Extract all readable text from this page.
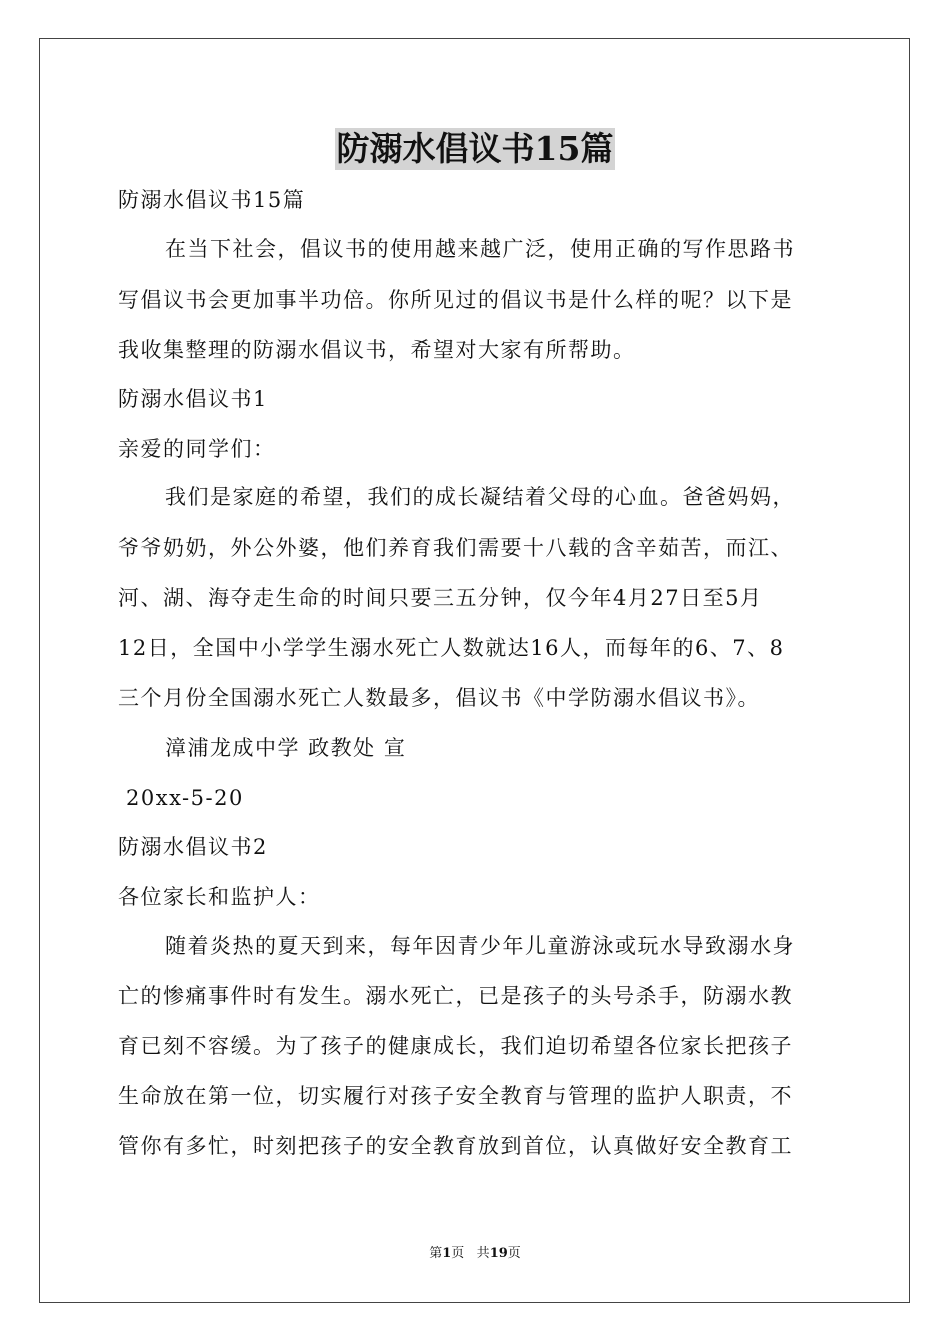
防溺水倡议书15篇
防溺水倡议书15篇
在当下社会，倡议书的使用越来越广泛，使用正确的写作思路书
写倡议书会更加事半功倍。你所见过的倡议书是什么样的呢？以下是
我收集整理的防溺水倡议书，希望对大家有所帮助。
防溺水倡议书1
亲爱的同学们：
我们是家庭的希望，我们的成长凝结着父母的心血。爸爸妈妈，
爷爷奶奶，外公外婆，他们养育我们需要十八载的含辛茹苦，而江、
河、湖、海夺走生命的时间只要三五分钟，仅今年4月27日至5月
12日，全国中小学学生溺水死亡人数就达16人，而每年的6、7、8
三个月份全国溺水死亡人数最多，倡议书《中学防溺水倡议书》。
漳浦龙成中学 政教处 宣
20xx-5-20
防溺水倡议书2
各位家长和监护人：
随着炎热的夏天到来，每年因青少年儿童游泳或玩水导致溺水身
亡的惨痛事件时有发生。溺水死亡，已是孩子的头号杀手，防溺水教
育已刻不容缓。为了孩子的健康成长，我们迫切希望各位家长把孩子
生命放在第一位，切实履行对孩子安全教育与管理的监护人职责，不
管你有多忙，时刻把孩子的安全教育放到首位，认真做好安全教育工
第1页 共19页
